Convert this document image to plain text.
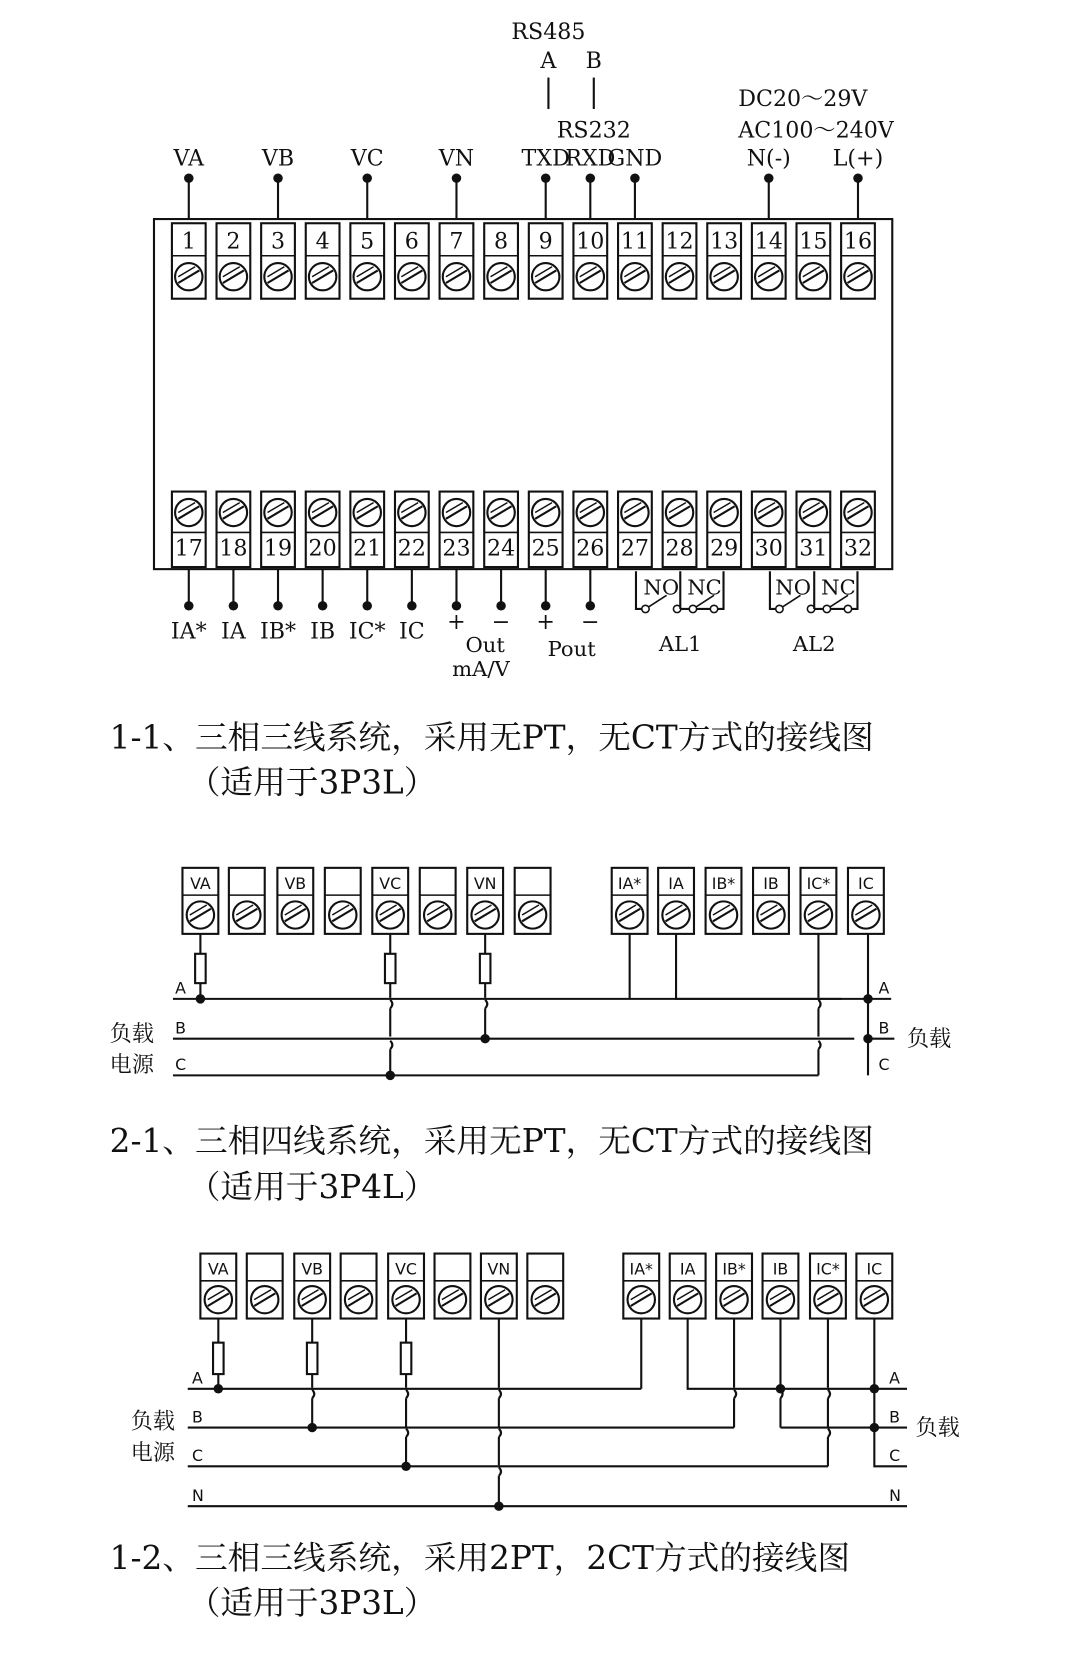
1 2 3 4 5 6 7 8 9 10 11 12 13 14 15 16
17 18 19 20 21 22 23 24 25 26 27 28 29 30 31 32
RS485
A B
RS232
DC20～29V
AC100～240V
VA	VB	VC	VN TXD
RXD
GND	N(-) L(+)
IA* IA IB* IB IC* IC + − + −
Out
mA/V
Pout
NO NC
AL1
NO NC
AL2
1-1、三相三线系统，采用无PT，无CT方式的接线图
（适用于3P3L）
VA	VB	VC	VN	IA* IA IB* IB IC* IC
A
B
C
A
B
C
负载
电源
负载
2-1、三相四线系统，采用无PT，无CT方式的接线图
（适用于3P4L）
VA	VB	VC	VN	IA* IA IB* IB IC* IC
A
B
C
N
A
B
C
N
负载
电源
负载
1-2、三相三线系统，采用2PT，2CT方式的接线图
（适用于3P3L）
